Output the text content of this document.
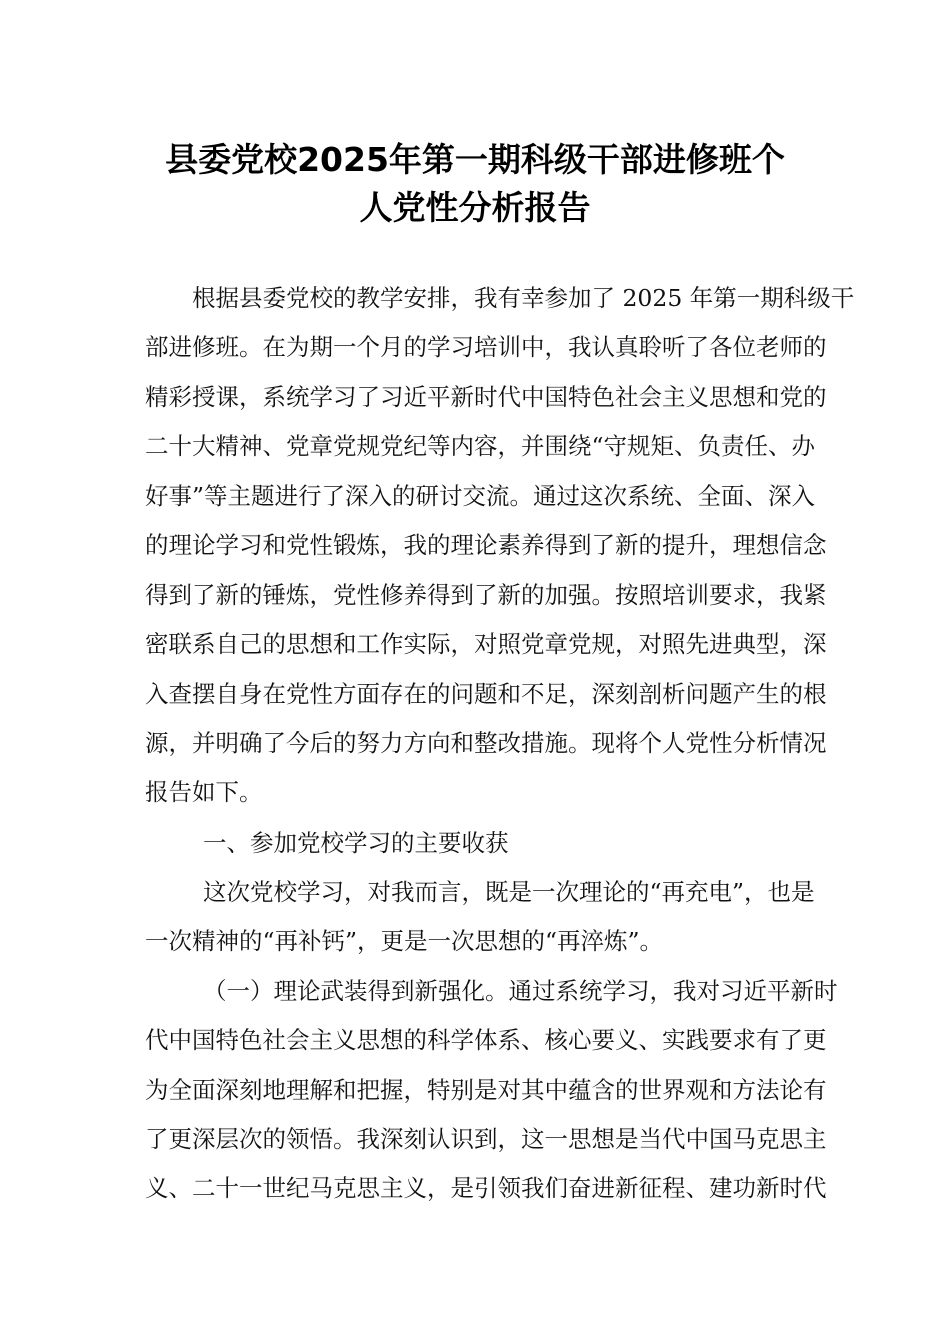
县委党校2025年第一期科级干部进修班个
人党性分析报告
根据县委党校的教学安排，我有幸参加了 2025 年第一期科级干
部进修班。在为期一个月的学习培训中，我认真聆听了各位老师的
精彩授课，系统学习了习近平新时代中国特色社会主义思想和党的
二十大精神、党章党规党纪等内容，并围绕“守规矩、负责任、办
好事”等主题进行了深入的研讨交流。通过这次系统、全面、深入
的理论学习和党性锻炼，我的理论素养得到了新的提升，理想信念
得到了新的锤炼，党性修养得到了新的加强。按照培训要求，我紧
密联系自己的思想和工作实际，对照党章党规，对照先进典型，深
入查摆自身在党性方面存在的问题和不足，深刻剖析问题产生的根
源，并明确了今后的努力方向和整改措施。现将个人党性分析情况
报告如下。
一、参加党校学习的主要收获
这次党校学习，对我而言，既是一次理论的“再充电”，也是
一次精神的“再补钙”，更是一次思想的“再淬炼”。
（一）理论武装得到新强化。通过系统学习，我对习近平新时
代中国特色社会主义思想的科学体系、核心要义、实践要求有了更
为全面深刻地理解和把握，特别是对其中蕴含的世界观和方法论有
了更深层次的领悟。我深刻认识到，这一思想是当代中国马克思主
义、二十一世纪马克思主义，是引领我们奋进新征程、建功新时代
